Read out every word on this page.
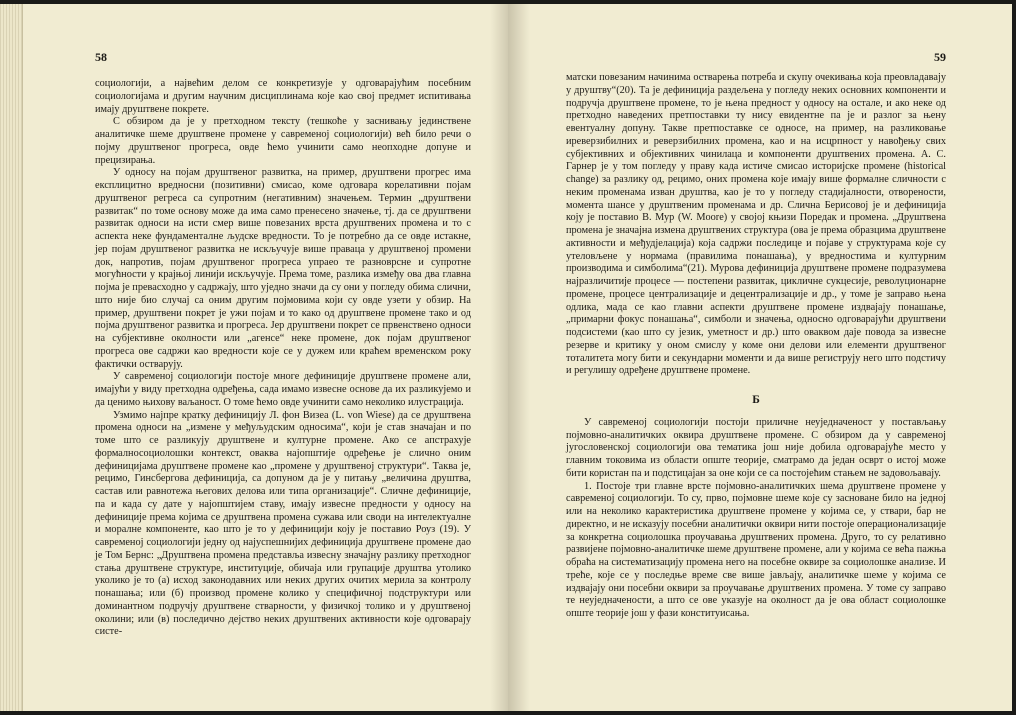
58

социологији, а највећим делом се конкретизује у одговарајућим посебним социологијама и другим научним дисциплинама које као свој предмет испитивања имају друштвене покрете.

С обзиром да је у претходном тексту (тешкоће у заснивању јединствене аналитичке шеме друштвене промене у савременој социологији) већ било речи о појму друштвеног прогреса, овде ћемо учинити само неопходне допуне и прецизирања.

У односу на појам друштвеног развитка, на пример, друштвени прогрес има експлицитно вредносни (позитивни) смисао, коме одговара корелативни појам друштвеног регреса са супротним (негативним) значењем. Термин „друштвени развитак“ по томе основу може да има само пренесено значење, тј. да се друштвени развитак односи на исти смер више повезаних врста друштвених промена и то с аспекта неке фундаменталне људске вредности. То је потребно да се овде истакне, јер појам друштвеног развитка не искључује више праваца у друштвеној промени док, напротив, појам друштвеног прогреса упраео те разноврсне и супротне могућности у крајњој линији искључује. Према томе, разлика између ова два главна појма је превасходно у садржају, што уједно значи да су они у погледу обима слични, што није био случај са оним другим појмовима који су овде узети у обзир. На пример, друштвени покрет је ужи појам и то како од друштвене промене тако и од појма друштвеног развитка и прогреса. Јер друштвени покрет се првенствено односи на субјективне околности или „агенсе“ неке промене, док појам друштвеног прогреса ове садржи као вредности које се у дужем или краћем временском року фактички остварују.

У савременој социологији постоје многе дефиниције друштвене промене али, имајући у виду претходна одређења, сада имамо извесне основе да их разликујемо и да ценимо њихову ваљаност. О томе ћемо овде учинити само неколико илустрација.

Узмимо најпре кратку дефиницију Л. фон Визеа (L. von Wiese) да се друштвена промена односи на „измене у међуљудским односима“, који је став значајан и по томе што се разликују друштвене и културне промене. Ако се апстрахује формалносоциолошки контекст, оваква најопштије одређење је слично оним дефиницијама друштвене промене као „промене у друштвеној структури“. Таква је, рецимо, Гинсбергова дефиниција, са допуном да је у питању „величина друштва, састав или равнотежа његових делова или типа организације“. Сличне дефиниције, па и када су дате у најопштијем ставу, имају извесне предности у односу на дефиниције према којима се друштвена промена сужава или своди на интелектуалне и моралне компоненте, као што је то у дефиницији коју је поставио Роуз (19). У савременој социологији једну од најуспешнијих дефиниција друштвене промене дао је Том Бернс: „Друштвена промена представља извесну значајну разлику претходног стања друштвене структуре, институције, обичаја или групације друштва утолико уколико је то (а) исход законодавних или неких других очитих мерила за контролу понашања; или (б) производ промене колико у специфичној подструктури или доминантном подручју друштвене стварности, у физичкој толико и у друштвеној околини; или (в) последично дејство неких друштвених активности које одговарају систе-

59

матски повезаним начинима остварења потреба и скупу очекивања која преовладавају у друштву“(20). Та је дефиниција раздељена у погледу неких основних компоненти и подручја друштвене промене, то је њена предност у односу на остале, и ако неке од претходно наведених претпоставки ту нису евидентне па је и разлог за њену евентуалну допуну. Такве претпоставке се односе, на пример, на разликовање иреверзибилних и реверзибилних промена, као и на исцрпност у навођењу свих субјективних и објективних чинилаца и компоненти друштвених промена. А. С. Гарнер је у том погледу у праву када истиче смисао историјске промене (historical change) за разлику од, рецимо, оних промена које имају више формалне сличности с неким променама изван друштва, као је то у погледу стадијалности, отворености, момента шансе у друштвеним променама и др. Слична Берисовој је и дефиниција коју је поставио В. Мур (W. Moore) у својој књизи Поредак и промена. „Друштвена промена је значајна измена друштвених структура (ова је према образцима друштвене активности и међудјелација) која садржи последице и појаве у структурама које су утеловљене у нормама (правилима понашања), у вредностима и културним производима и симболима“(21). Мурова дефиниција друштвене промене подразумева најразличитије процесе — постепени развитак, цикличне сукцесије, револуционарне промене, процесе централизације и децентрализације и др., у томе је заправо њена одлика, мада се као главни аспекти друштвене промене издвајају понашање, „примарни фокус понашања“, симболи и значења, односно одговарајући друштвени подсистеми (као што су језик, уметност и др.) што оваквом даје повода за извесне резерве и критику у оном смислу у коме они делови или елементи друштвеног тоталитета могу бити и секундарни моменти и да више региструју него што подстичу и регулишу одређене друштвене промене.

Б

У савременој социологији постоји приличне неуједначеност у постављању појмовно-аналитичких оквира друштвене промене. С обзиром да у савременој југословенској социологији ова тематика још није добила одговарајуће место у главним токовима из области опште теорије, сматрамо да један осврт о истој може бити користан па и подстицајан за оне који се са постојећим стањем не задовољавају.

1. Постоје три главне врсте појмовно-аналитичких шема друштвене промене у савременој социологији. То су, прво, појмовне шеме које су засноване било на једној или на неколико карактеристика друштвене промене у којима се, у ствари, бар не директно, и не исказују посебни аналитички оквири нити постоје операционализације за конкретна социолошка проучавања друштвених промена. Друго, то су релативно развијене појмовно-аналитичке шеме друштвене промене, али у којима се већа пажња обраћа на систематизацију промена него на посебне оквире за социолошке анализе. И треће, које се у последње време све више јављају, аналитичке шеме у којима се издвајају они посебни оквири за проучавање друштвених промена. У томе су заправо те неуједначености, а што се ове указује на околност да је ова област социолошке опште теорије још у фази конституисања.
